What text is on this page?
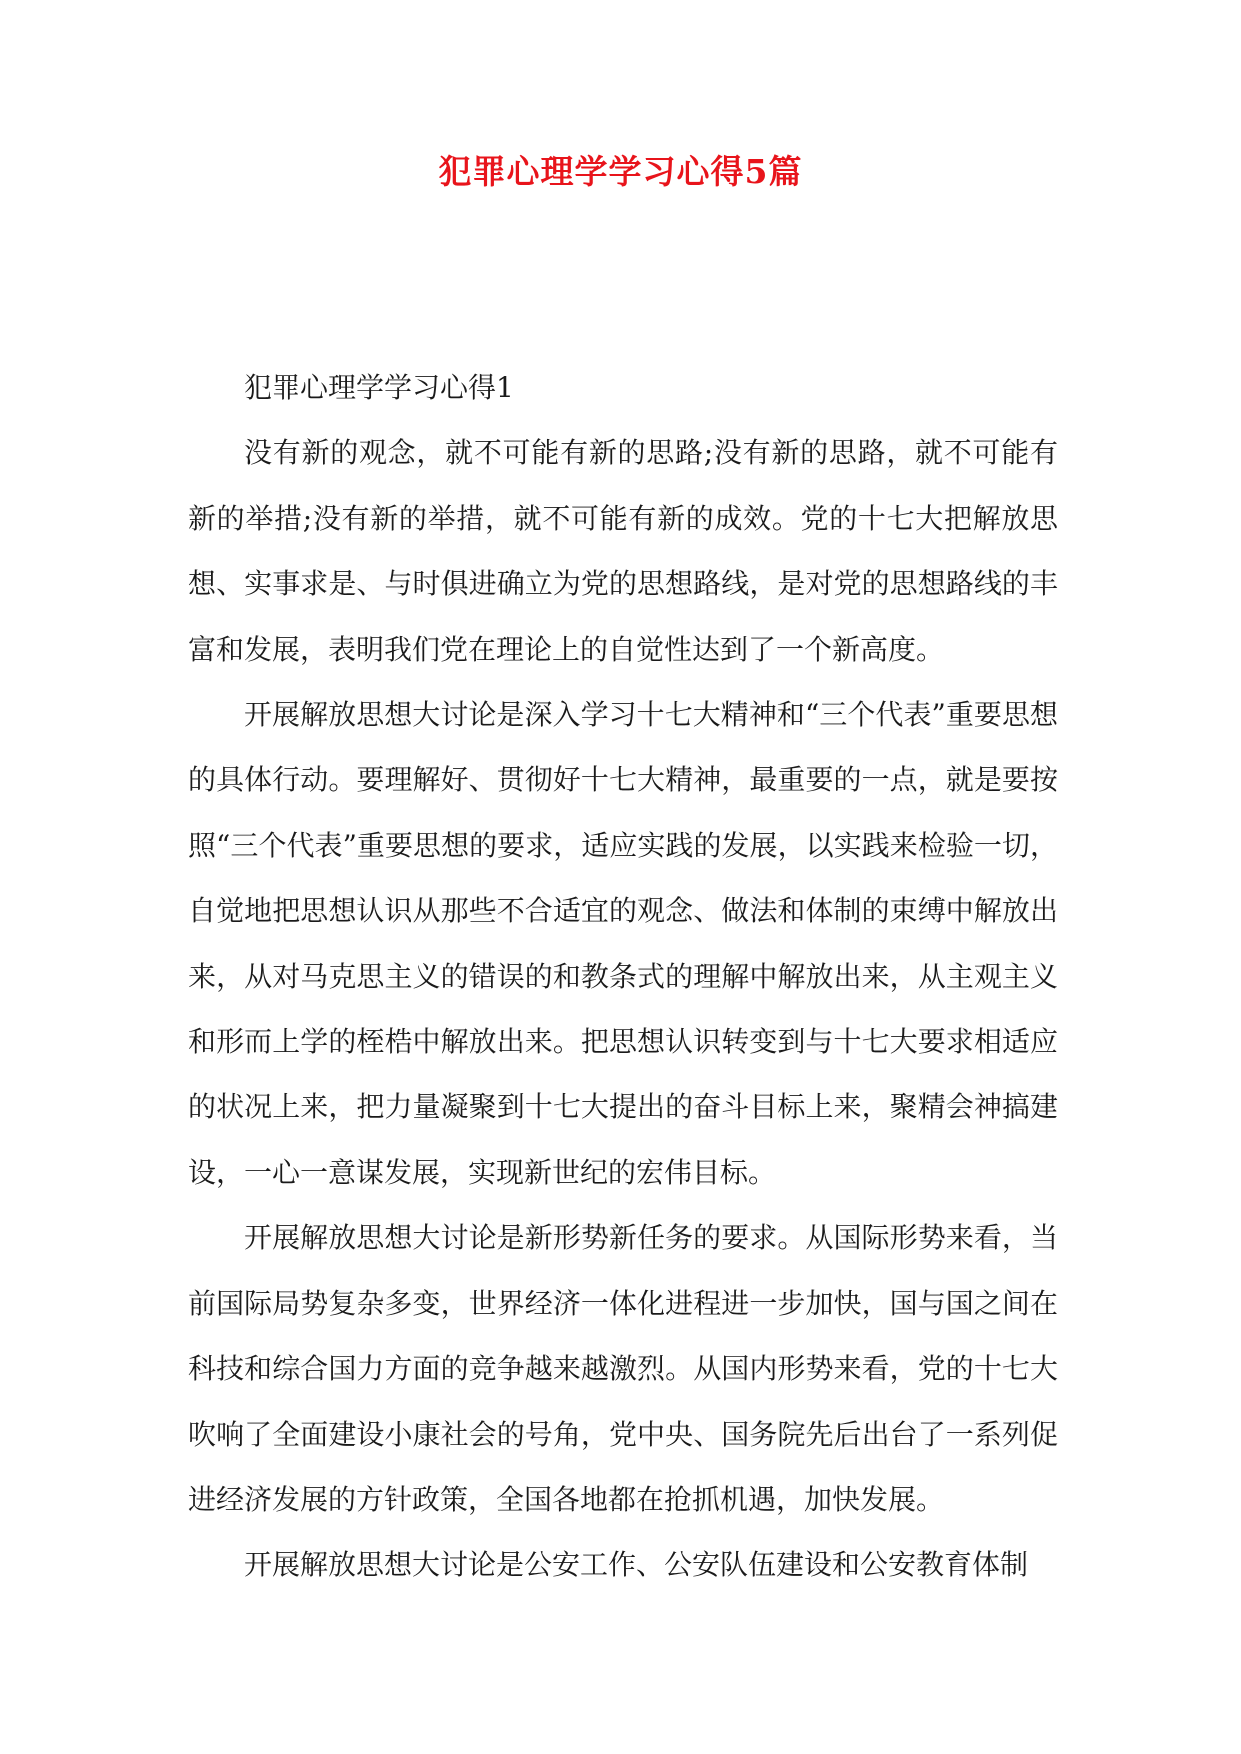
犯罪心理学学习心得5篇

犯罪心理学学习心得1

没有新的观念，就不可能有新的思路;没有新的思路，就不可能有新的举措;没有新的举措，就不可能有新的成效。党的十七大把解放思想、实事求是、与时俱进确立为党的思想路线，是对党的思想路线的丰富和发展，表明我们党在理论上的自觉性达到了一个新高度。

开展解放思想大讨论是深入学习十七大精神和“三个代表”重要思想的具体行动。要理解好、贯彻好十七大精神，最重要的一点，就是要按照“三个代表”重要思想的要求，适应实践的发展，以实践来检验一切，自觉地把思想认识从那些不合适宜的观念、做法和体制的束缚中解放出来，从对马克思主义的错误的和教条式的理解中解放出来，从主观主义和形而上学的桎梏中解放出来。把思想认识转变到与十七大要求相适应的状况上来，把力量凝聚到十七大提出的奋斗目标上来，聚精会神搞建设，一心一意谋发展，实现新世纪的宏伟目标。

开展解放思想大讨论是新形势新任务的要求。从国际形势来看，当前国际局势复杂多变，世界经济一体化进程进一步加快，国与国之间在科技和综合国力方面的竞争越来越激烈。从国内形势来看，党的十七大吹响了全面建设小康社会的号角，党中央、国务院先后出台了一系列促进经济发展的方针政策，全国各地都在抢抓机遇，加快发展。

开展解放思想大讨论是公安工作、公安队伍建设和公安教育体制
